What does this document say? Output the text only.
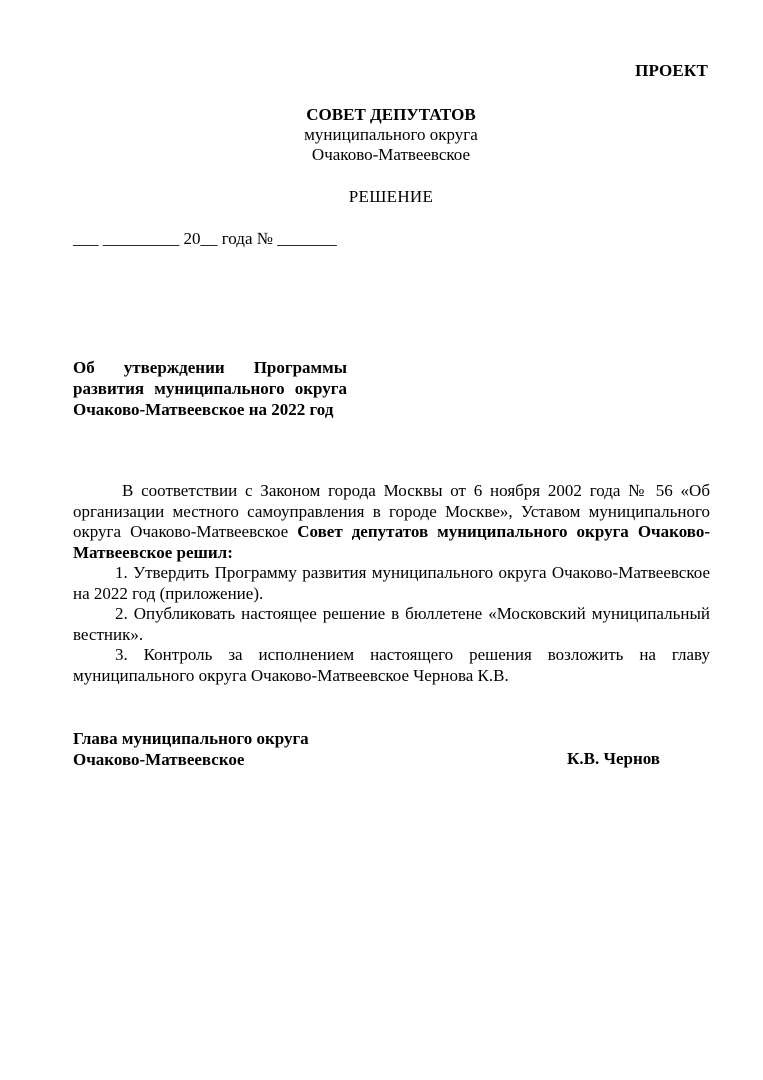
ПРОЕКТ
СОВЕТ ДЕПУТАТОВ
муниципального округа
Очаково-Матвеевское
РЕШЕНИЕ
___ _________ 20__ года № _______
Об утверждении Программы развития муниципального округа Очаково-Матвеевское на 2022 год

В соответствии с Законом города Москвы от 6 ноября 2002 года № 56 «Об организации местного самоуправления в городе Москве», Уставом муниципального округа Очаково-Матвеевское Совет депутатов муниципального округа Очаково-Матвеевское решил:

1. Утвердить Программу развития муниципального округа Очаково-Матвеевское на 2022 год (приложение).

2. Опубликовать настоящее решение в бюллетене «Московский муниципальный вестник».

3. Контроль за исполнением настоящего решения возложить на главу муниципального округа Очаково-Матвеевское Чернова К.В.

Глава муниципального округа
Очаково-Матвеевское	К.В. Чернов
